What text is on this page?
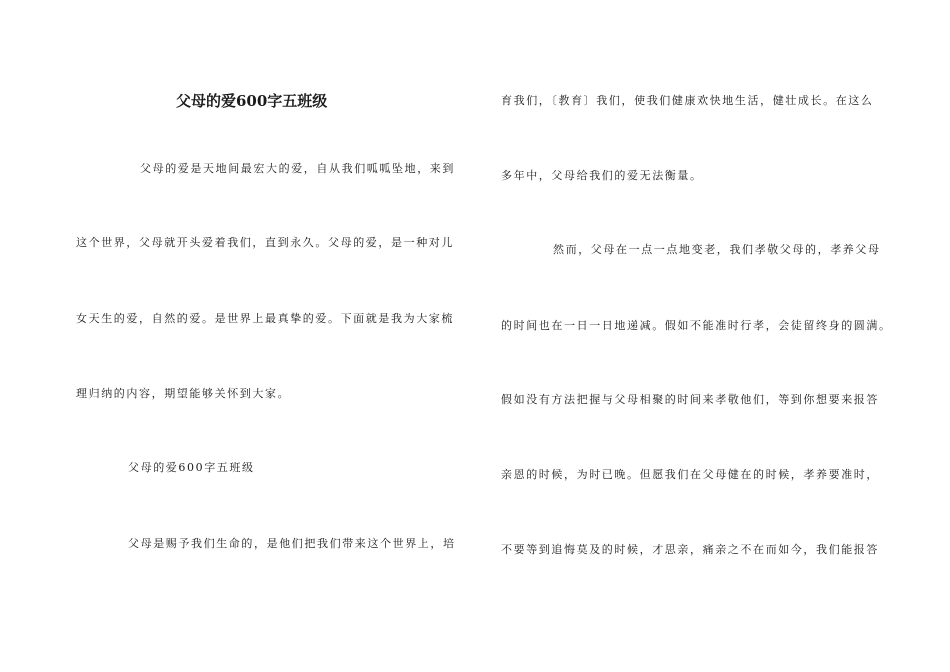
父母的爱600字五班级
父母的爱是天地间最宏大的爱，自从我们呱呱坠地，来到
这个世界，父母就开头爱着我们，直到永久。父母的爱，是一种对儿
女天生的爱，自然的爱。是世界上最真挚的爱。下面就是我为大家梳
理归纳的内容，期望能够关怀到大家。
父母的爱600字五班级
父母是赐予我们生命的，是他们把我们带来这个世界上，培
育我们，〔教育〕我们，使我们健康欢快地生活，健壮成长。在这么
多年中，父母给我们的爱无法衡量。
然而，父母在一点一点地变老，我们孝敬父母的，孝养父母
的时间也在一日一日地递减。假如不能准时行孝，会徒留终身的圆满。
假如没有方法把握与父母相聚的时间来孝敬他们，等到你想要来报答
亲恩的时候，为时已晚。但愿我们在父母健在的时候，孝养要准时，
不要等到追悔莫及的时候，才思亲，痛亲之不在而如今，我们能报答
